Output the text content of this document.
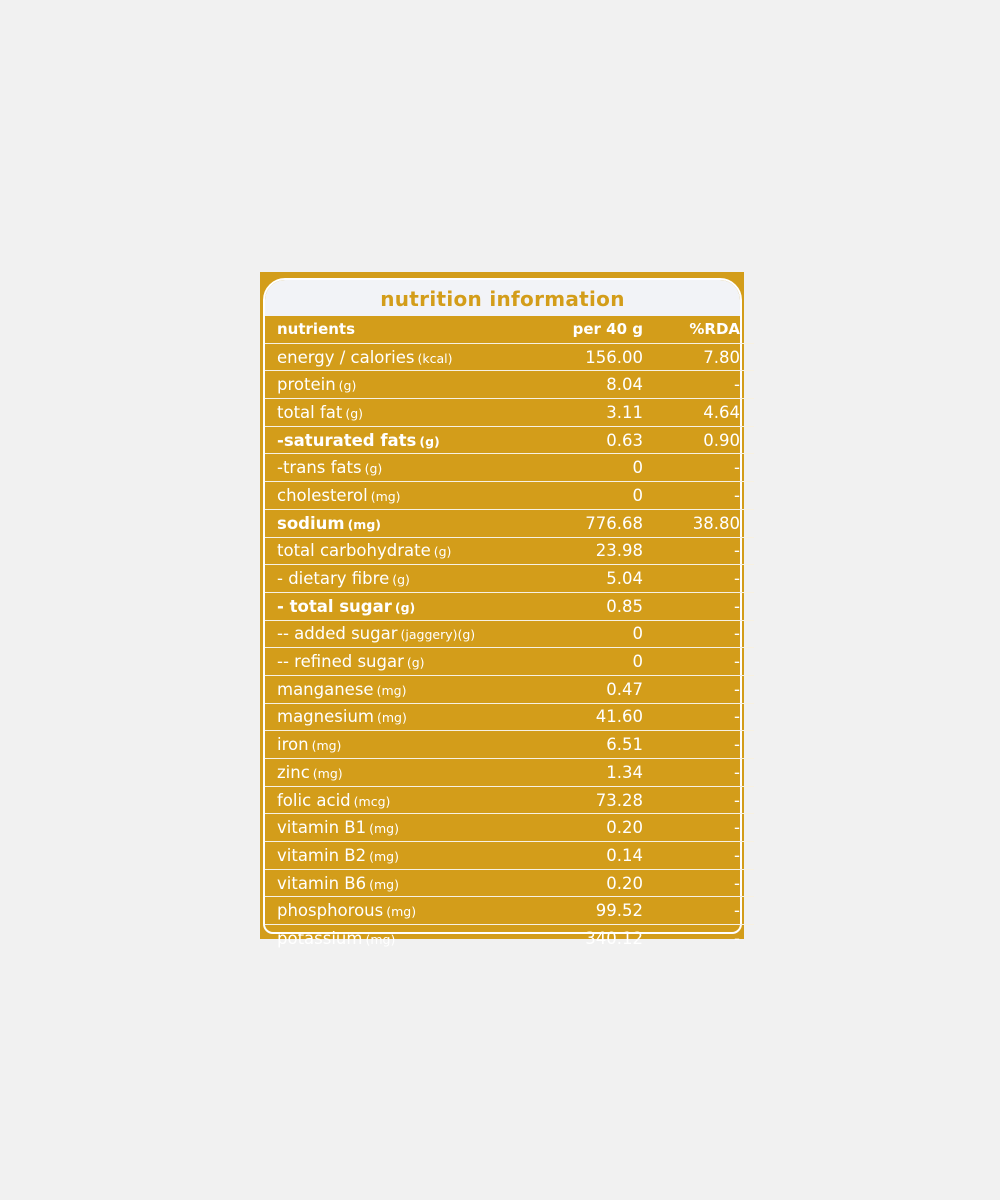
nutrition information
nutrients	per 40 g	%RDA
energy / calories (kcal)	156.00	7.80
protein (g)	8.04	-
total fat (g)	3.11	4.64
-saturated fats (g)	0.63	0.90
-trans fats (g)	0	-
cholesterol (mg)	0	-
sodium (mg)	776.68	38.80
total carbohydrate (g)	23.98	-
- dietary fibre (g)	5.04	-
- total sugar (g)	0.85	-
-- added sugar (jaggery)(g)	0	-
-- refined sugar (g)	0	-
manganese (mg)	0.47	-
magnesium (mg)	41.60	-
iron (mg)	6.51	-
zinc (mg)	1.34	-
folic acid (mcg)	73.28	-
vitamin B1 (mg)	0.20	-
vitamin B2 (mg)	0.14	-
vitamin B6 (mg)	0.20	-
phosphorous (mg)	99.52	-
potassium (mg)	340.12	-
